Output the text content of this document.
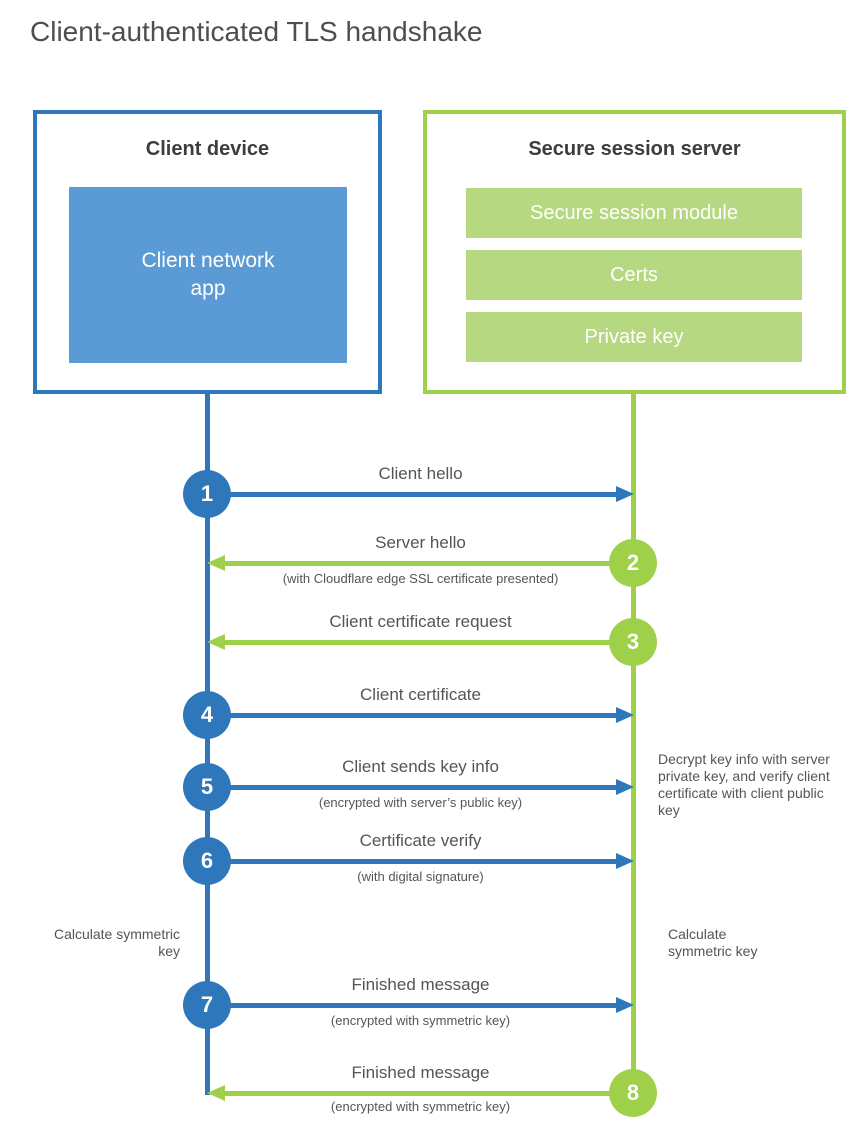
Client-authenticated TLS handshake
Client device
Client network app
Secure session server
Secure session module
Certs
Private key
Client hello
1
Server hello
(with Cloudflare edge SSL certificate presented)
2
Client certificate request
3
Client certificate
4
Client sends key info
(encrypted with server’s public key)
5
Certificate verify
(with digital signature)
6
Decrypt key info with server private key, and verify client certificate with client public key
Calculate symmetric key
Calculate symmetric key
Finished message
(encrypted with symmetric key)
7
Finished message
(encrypted with symmetric key)
8
